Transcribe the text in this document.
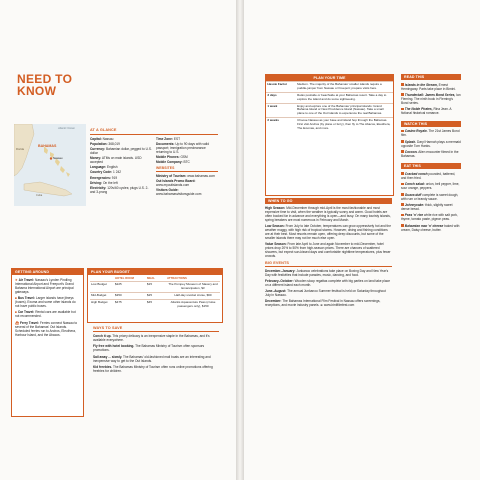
NEED TO
KNOW
Atlantic Ocean
BAHAMAS
Nassau
Florida
Cuba
AT A GLANCE
Capital: Nassau
Population: 368,019
Currency: Bahamian dollar, pegged to U.S. dollar
Money: ATMs on main islands. USD accepted
Language: English
Country Code: 1 242
Emergencies: 919
Driving: On the left
Electricity: 120v/60 cycles; plugs U.S. 2- and 3-prong
Time Zone: EST
Documents: Up to 90 days with valid passport; immigration preclearance returning to U.S.
Mobile Phones: GSM
Mobile Company: BTC
WEBSITES
Ministry of Tourism: www.bahamas.com
Out Islands Promo Board: www.myoutislands.com
Visitors Guide: www.bahamasvisitorsguide.com
GETTING AROUND
✈ Air Travel: Nassau's Lynden Pindling International Airport and Freeport's Grand Bahama International Airport are principal gateways.
■ Bus Travel: Larger islands have jitneys (buses). Exuma and some other islands do not have public buses.
■ Car Travel: Rental cars are available but not recommended.
⛴ Ferry Travel: Ferries connect Nassau to several of the Bahamas' Out Islands. Scheduled ferries run to Andros, Eleuthera, Harbour Island, and the Abacos.
PLAN YOUR BUDGET
	HOTEL ROOM	MEAL	ATTRACTIONS
Low Budget	$225	$15	The Pompey Museum of Slavery and Emancipation, $3
Mid-Budget	$350	$25	Half-day snorkel cruise, $60
High Budget	$475	$45	Atlantis Aquaventure Pass (cruise passengers only), $150
WAYS TO SAVE
Conch it up. This pricey delicacy is an inexpensive staple in the Bahamas, and it's available everywhere.
Fly free with hotel booking. The Bahamas Ministry of Tourism often sponsors promotions.
Sail away ... slowly. The Bahamas' old-fashioned mail boats are an interesting and inexpensive way to get to the Out Islands.
Kid freebies. The Bahamas Ministry of Tourism often runs online promotions offering freebies for children.
PLAN YOUR TIME
Hassle Factor	Medium. The majority of the Bahamas' smaller islands require a puddle-jumper from Nassau or Freeport; prepare visits here.
3 days	Relax poolside or beachside at your Bahamas resort. Take a day to explore the island and do some sightseeing.
1 week	Enjoy and explore one of the Bahamas' principal islands: Grand Bahama Island or New Providence Island (Nassau). Take a small plane to one of the Out Islands to experience the real Bahamas.
2 weeks	Choose Nassau as your base and island hop through the Bahamas. First visit Andros (by plane or ferry), then fly to The Abacos, Eleuthera, The Exumas, and more.
WHEN TO GO
High Season: Mid-December through mid-April is the most fashionable and most expensive time to visit, when the weather is typically sunny and warm. Good hotels are often booked far in advance and everything is open—and busy. On many touristy islands, spring breakers are most numerous in February and March.
Low Season: From July to late October, temperatures can grow oppressively hot and the weather muggy, with high risk of tropical storms. However, diving and fishing conditions are at their best. Most resorts remain open, offering deep discounts, but some of the smaller islands there may not be much else open.
Value Season: From late April to June and again November to mid-December, hotel prices drop 20% to 50% from high-season prices. There are chances of scattered showers, but expect sun-kissed days and comfortable nighttime temperatures, plus fewer crowds.
BIG EVENTS
December–January: Junkanoo celebrations take place on Boxing Day and New Year's Day with festivities that include parades, music, dancing, and food.
February–October: Wooden sloop regattas complete with big parties on land take place on a different island each month.
June–August: The annual Junkanoo Summer festival is held on Saturday throughout July in Nassau.
December: The Bahamas International Film Festival in Nassau offers screenings, receptions, and movie industry panels. ⊕ www.bintlfilmfest.com
READ THIS
Islands in the Stream, Ernest Hemingway. Parts take place in Bimini.
Thunderball: James Bond Series, Ian Fleming. The ninth book in Fleming's Bond series.
The Noble Pirates, Rina Jean. A fictional historical romance.
WATCH THIS
Casino Royale. The 21st James Bond film.
Splash. Daryl Hannah plays a mermaid opposite Tom Hanks.
Cocoon. Alien encounter filmed in the Bahamas.
EAT THIS
Cracked conch pounded, battered, and then fried.
Conch salad: onion, bell pepper, lime, sour orange, peppers.
Guava duff complete is sweet dough, with rum or brandy sauce.
Johnnycake: thick, slightly sweet dense bread.
Peas 'n' rice white rice with salt pork, thyme, tomato paste, pigeon peas.
Bahamian mac 'n' cheese baked with cream, Daisy cheese, butter.
